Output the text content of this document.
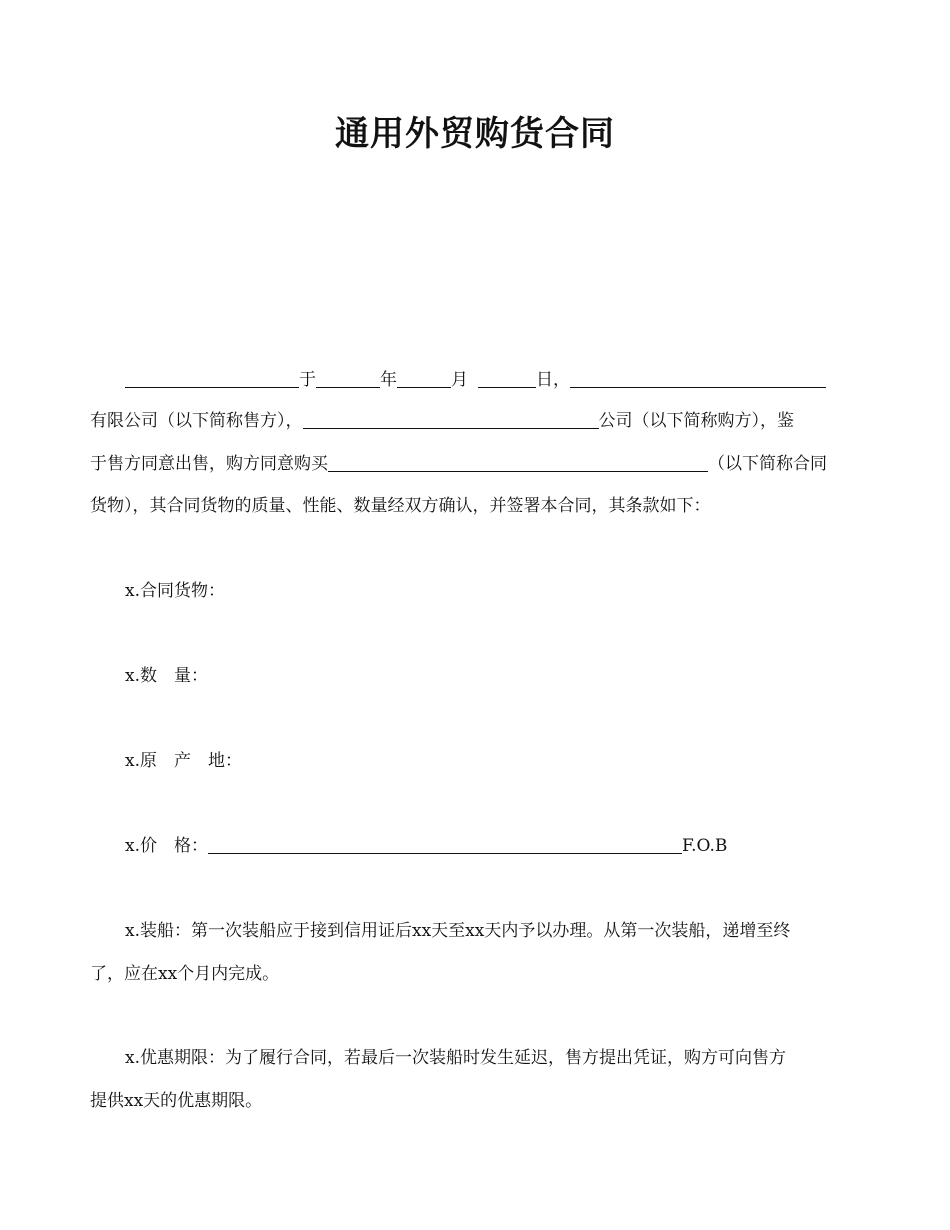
通用外贸购货合同
于	年	月	日，
有限公司（以下简称售方），	公司（以下简称购方），鉴
于售方同意出售，购方同意购买	（以下简称合同
货物），其合同货物的质量、性能、数量经双方确认，并签署本合同，其条款如下：
x.合同货物：
x.数　量：
x.原　产　地：
x.价　格：	F.O.B
x.装船：第一次装船应于接到信用证后xx天至xx天内予以办理。从第一次装船，递增至终
了，应在xx个月内完成。
x.优惠期限：为了履行合同，若最后一次装船时发生延迟，售方提出凭证，购方可向售方
提供xx天的优惠期限。
